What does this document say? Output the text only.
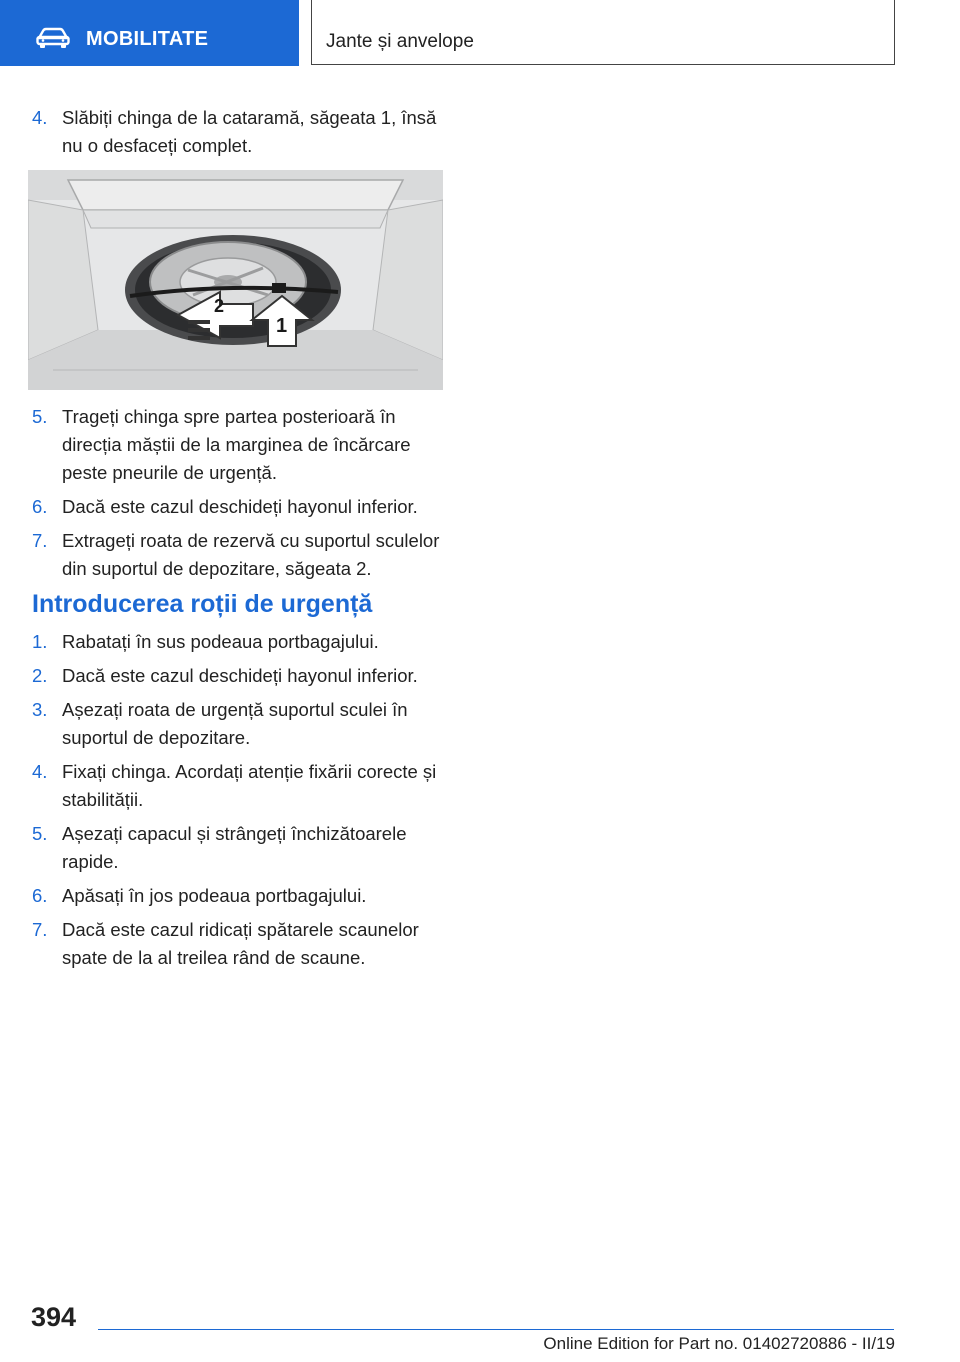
MOBILITATE	Jante și anvelope
4. Slăbiți chinga de la cataramă, săgeata 1, însă nu o desfaceți complet.
2
1
5. Trageți chinga spre partea posterioară în direcția măștii de la marginea de încărcare peste pneurile de urgență.
6. Dacă este cazul deschideți hayonul inferior.
7. Extrageți roata de rezervă cu suportul sculelor din suportul de depozitare, săgeata 2.
Introducerea roții de urgență
1. Rabatați în sus podeaua portbagajului.
2. Dacă este cazul deschideți hayonul inferior.
3. Așezați roata de urgență suportul sculei în suportul de depozitare.
4. Fixați chinga. Acordați atenție fixării corecte și stabilității.
5. Așezați capacul și strângeți închizătoarele rapide.
6. Apăsați în jos podeaua portbagajului.
7. Dacă este cazul ridicați spătarele scaunelor spate de la al treilea rând de scaune.
394
Online Edition for Part no. 01402720886 - II/19
